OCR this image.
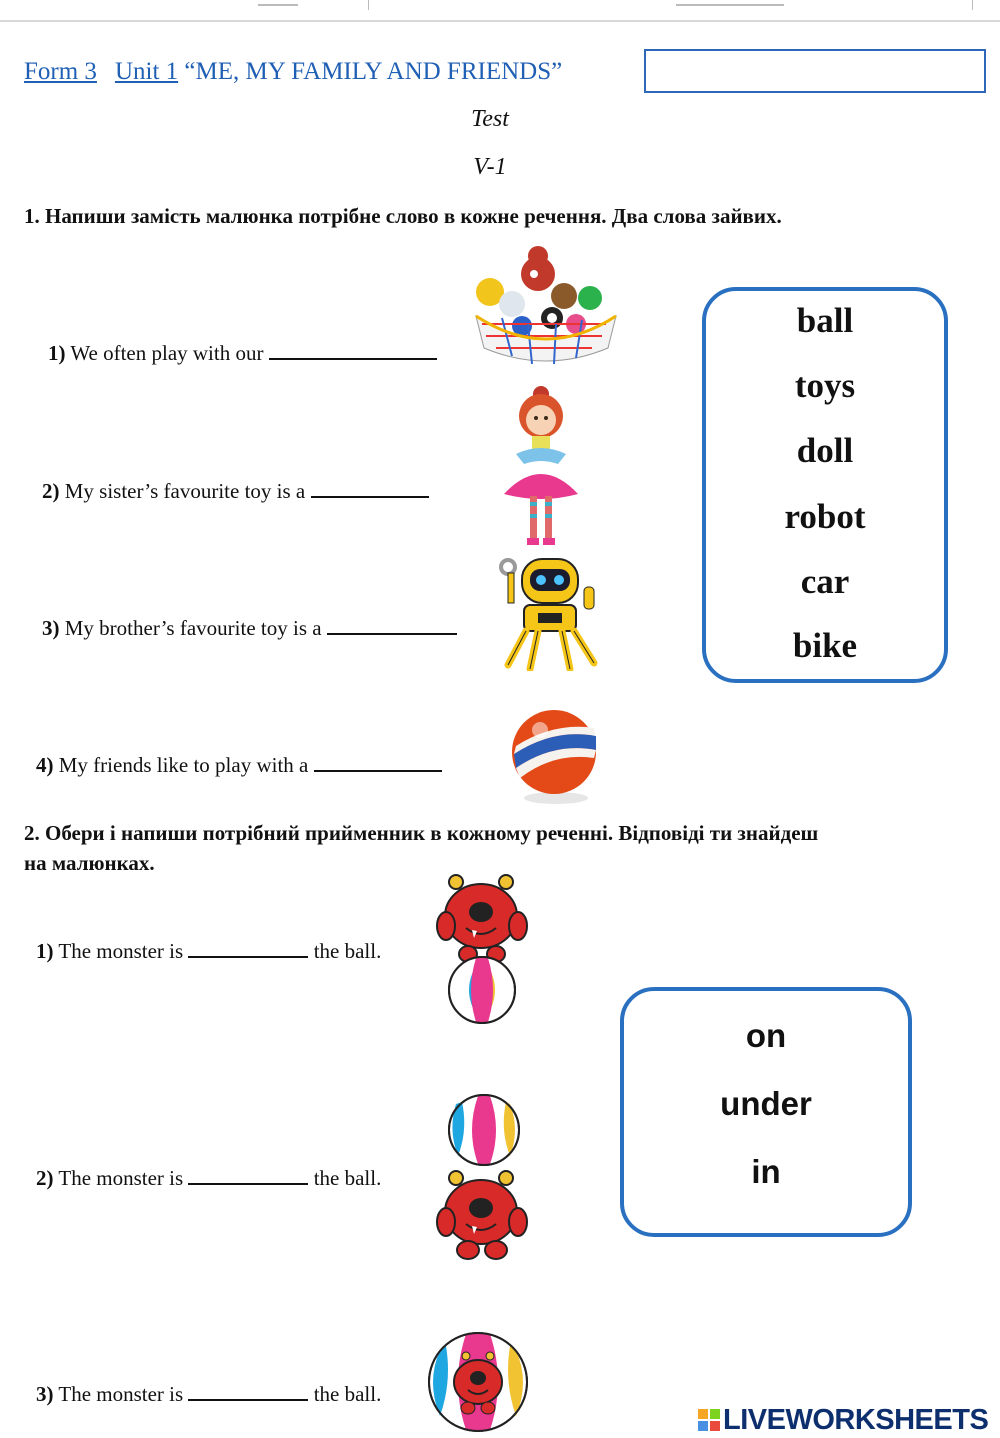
Form 3 Unit 1 “ME, MY FAMILY AND FRIENDS”
Test
V-1
1. Напиши замість малюнка потрібне слово в кожне речення. Два слова зайвих.
1) We often play with our
2) My sister’s favourite toy is a
3) My brother’s favourite toy is a
4) My friends like to play with a
ball
toys
doll
robot
car
bike
2. Обери і напиши потрібний прийменник в кожному реченні. Відповіді ти знайдеш
на малюнках.
1) The monster is	the ball.
2) The monster is	the ball.
3) The monster is	the ball.
on
under
in
LIVEWORKSHEETS
